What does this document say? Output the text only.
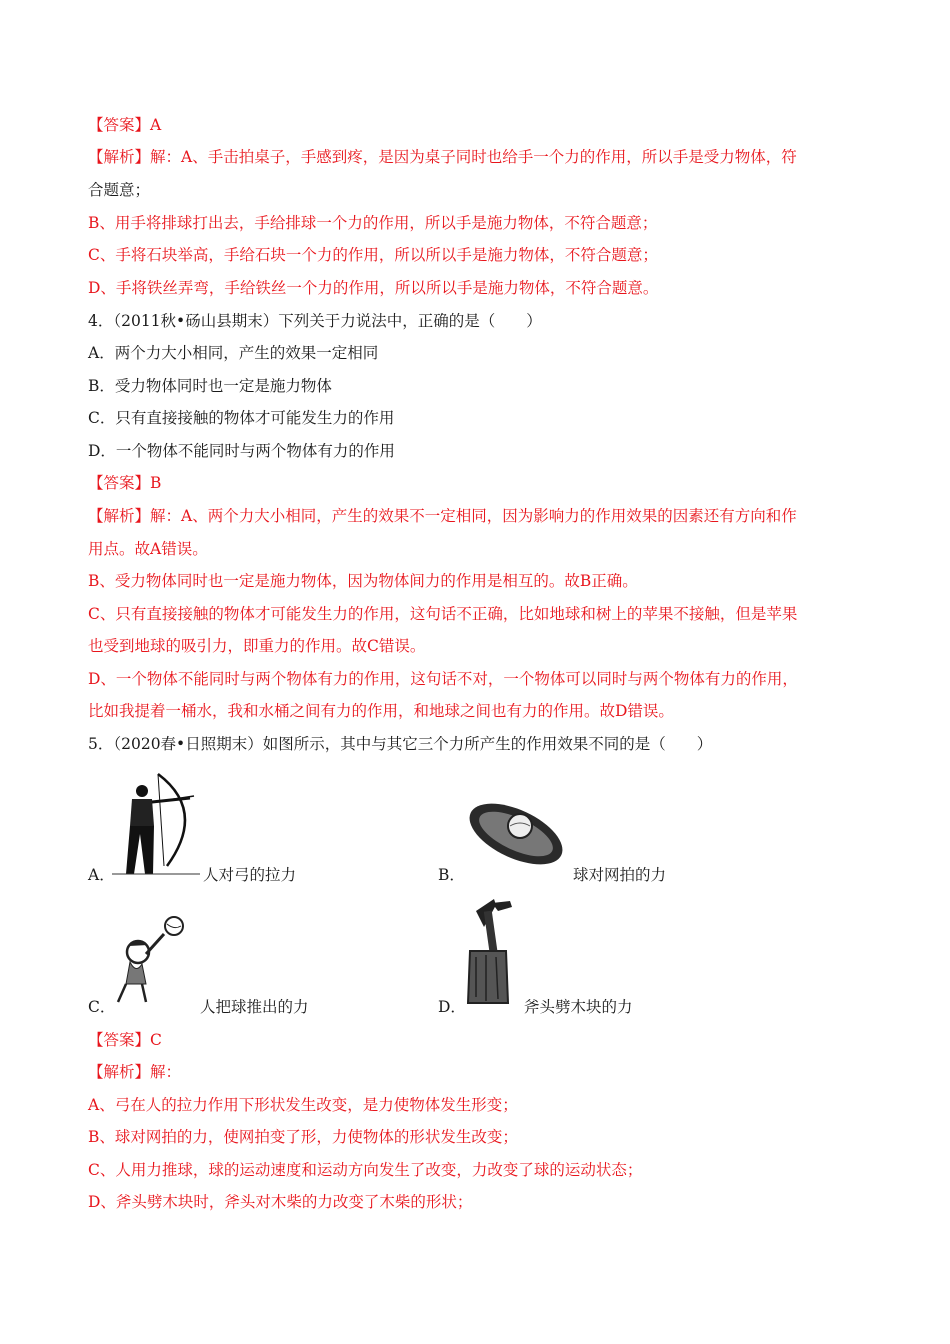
【答案】A
【解析】解：A、手击拍桌子，手感到疼，是因为桌子同时也给手一个力的作用，所以手是受力物体，符
合题意；
B、用手将排球打出去，手给排球一个力的作用，所以手是施力物体，不符合题意；
C、手将石块举高，手给石块一个力的作用，所以所以手是施力物体，不符合题意；
D、手将铁丝弄弯，手给铁丝一个力的作用，所以所以手是施力物体，不符合题意。
4．（2011秋•砀山县期末）下列关于力说法中，正确的是（　　）
A．两个力大小相同，产生的效果一定相同
B．受力物体同时也一定是施力物体
C．只有直接接触的物体才可能发生力的作用
D．一个物体不能同时与两个物体有力的作用
【答案】B
【解析】解：A、两个力大小相同，产生的效果不一定相同，因为影响力的作用效果的因素还有方向和作
用点。故A错误。
B、受力物体同时也一定是施力物体，因为物体间力的作用是相互的。故B正确。
C、只有直接接触的物体才可能发生力的作用，这句话不正确，比如地球和树上的苹果不接触，但是苹果
也受到地球的吸引力，即重力的作用。故C错误。
D、一个物体不能同时与两个物体有力的作用，这句话不对，一个物体可以同时与两个物体有力的作用，
比如我提着一桶水，我和水桶之间有力的作用，和地球之间也有力的作用。故D错误。
5．（2020春•日照期末）如图所示，其中与其它三个力所产生的作用效果不同的是（　　）
A．	人对弓的拉力	B．	球对网拍的力
C．	人把球推出的力	D．	斧头劈木块的力
【答案】C
【解析】解：
A、弓在人的拉力作用下形状发生改变，是力使物体发生形变；
B、球对网拍的力，使网拍变了形，力使物体的形状发生改变；
C、人用力推球，球的运动速度和运动方向发生了改变，力改变了球的运动状态；
D、斧头劈木块时，斧头对木柴的力改变了木柴的形状；
